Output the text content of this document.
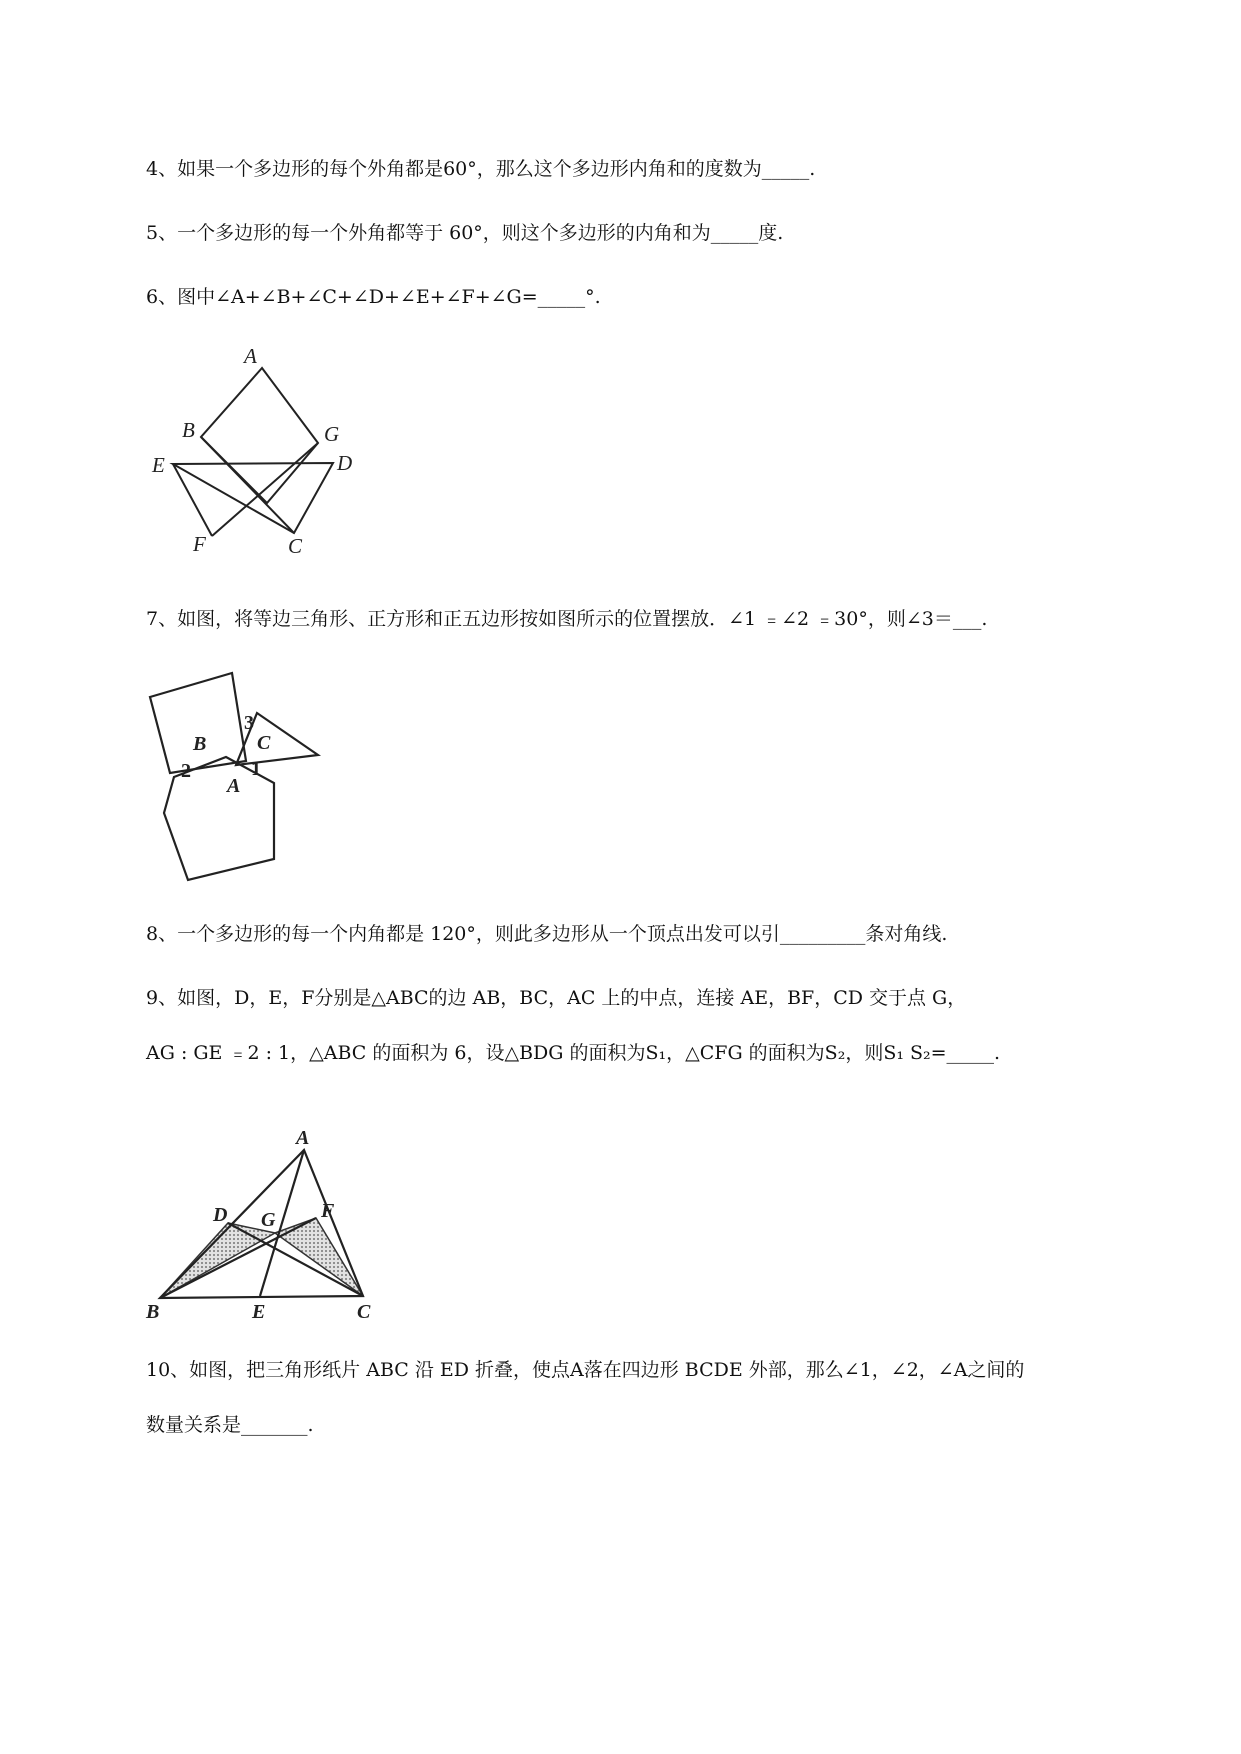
4、如果一个多边形的每个外角都是60°，那么这个多边形内角和的度数为_____.
5、一个多边形的每一个外角都等于 60°，则这个多边形的内角和为_____度.
6、图中∠A+∠B+∠C+∠D+∠E+∠F+∠G=_____°.
A
B	G
E	D
F	C
7、如图，将等边三角形、正方形和正五边形按如图所示的位置摆放．∠1 ﹦∠2 ﹦30°，则∠3＝___.
B	C
A
3
1
2
8、一个多边形的每一个内角都是 120°，则此多边形从一个顶点出发可以引_________条对角线.
9、如图，D，E，F分别是△ABC的边 AB，BC，AC 上的中点，连接 AE，BF，CD 交于点 G，
AG : GE ﹦2 : 1，△ABC 的面积为 6，设△BDG 的面积为S₁，△CFG 的面积为S₂，则S₁ S₂=_____.
A
D G F
B	E	C
10、如图，把三角形纸片 ABC 沿 ED 折叠，使点A落在四边形 BCDE 外部，那么∠1，∠2，∠A之间的
数量关系是_______.
